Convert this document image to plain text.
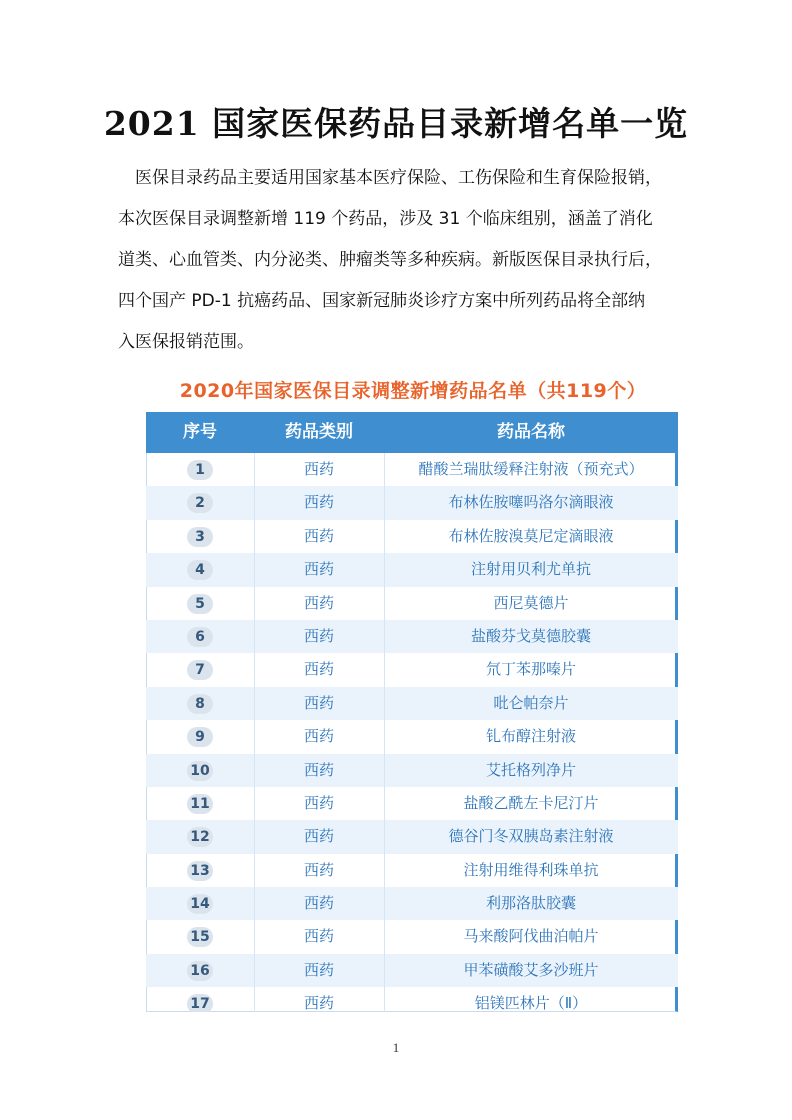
2021 国家医保药品目录新增名单一览

医保目录药品主要适用国家基本医疗保险、工伤保险和生育保险报销，
本次医保目录调整新增 119 个药品，涉及 31 个临床组别，涵盖了消化
道类、心血管类、内分泌类、肿瘤类等多种疾病。新版医保目录执行后，
四个国产 PD-1 抗癌药品、国家新冠肺炎诊疗方案中所列药品将全部纳
入医保报销范围。

2020年国家医保目录调整新增药品名单（共119个）
序号	药品类别	药品名称
1	西药	醋酸兰瑞肽缓释注射液（预充式）
2	西药	布林佐胺噻吗洛尔滴眼液
3	西药	布林佐胺溴莫尼定滴眼液
4	西药	注射用贝利尤单抗
5	西药	西尼莫德片
6	西药	盐酸芬戈莫德胶囊
7	西药	氘丁苯那嗪片
8	西药	吡仑帕奈片
9	西药	钆布醇注射液
10	西药	艾托格列净片
11	西药	盐酸乙酰左卡尼汀片
12	西药	德谷门冬双胰岛素注射液
13	西药	注射用维得利珠单抗
14	西药	利那洛肽胶囊
15	西药	马来酸阿伐曲泊帕片
16	西药	甲苯磺酸艾多沙班片
17	西药	铝镁匹林片（Ⅱ）
1
